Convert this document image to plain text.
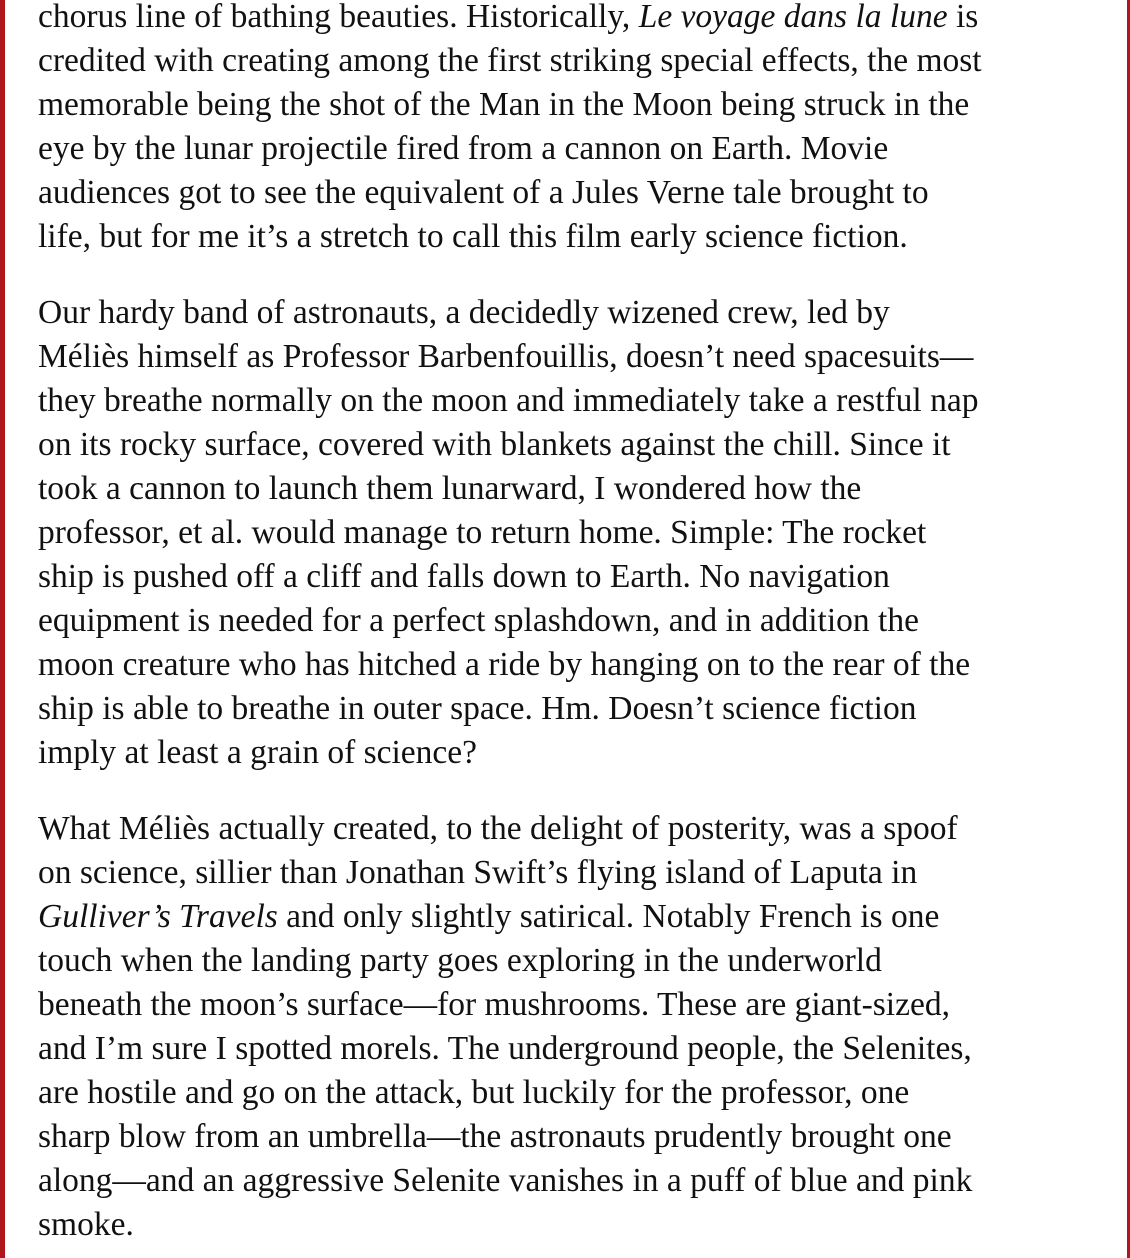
chorus line of bathing beauties. Historically, Le voyage dans la lune is
credited with creating among the first striking special effects, the most
memorable being the shot of the Man in the Moon being struck in the
eye by the lunar projectile fired from a cannon on Earth. Movie
audiences got to see the equivalent of a Jules Verne tale brought to
life, but for me it’s a stretch to call this film early science fiction.

Our hardy band of astronauts, a decidedly wizened crew, led by
Méliès himself as Professor Barbenfouillis, doesn’t need spacesuits—
they breathe normally on the moon and immediately take a restful nap
on its rocky surface, covered with blankets against the chill. Since it
took a cannon to launch them lunarward, I wondered how the
professor, et al. would manage to return home. Simple: The rocket
ship is pushed off a cliff and falls down to Earth. No navigation
equipment is needed for a perfect splashdown, and in addition the
moon creature who has hitched a ride by hanging on to the rear of the
ship is able to breathe in outer space. Hm. Doesn’t science fiction
imply at least a grain of science?

What Méliès actually created, to the delight of posterity, was a spoof
on science, sillier than Jonathan Swift’s flying island of Laputa in
Gulliver’s Travels and only slightly satirical. Notably French is one
touch when the landing party goes exploring in the underworld
beneath the moon’s surface—for mushrooms. These are giant-sized,
and I’m sure I spotted morels. The underground people, the Selenites,
are hostile and go on the attack, but luckily for the professor, one
sharp blow from an umbrella—the astronauts prudently brought one
along—and an aggressive Selenite vanishes in a puff of blue and pink
smoke.
